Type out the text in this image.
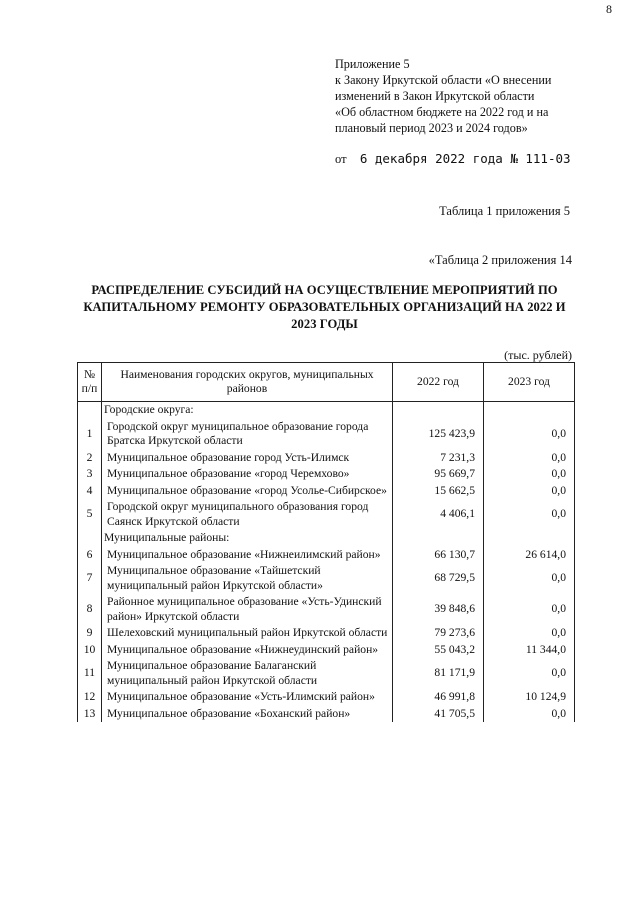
8
Приложение 5
к Закону Иркутской области «О внесении
изменений в Закон Иркутской области
«Об областном бюджете на 2022 год и на
плановый период 2023 и 2024 годов»
от 6 декабря 2022 года № 111-03
Таблица 1 приложения 5
«Таблица 2 приложения 14
РАСПРЕДЕЛЕНИЕ СУБСИДИЙ НА ОСУЩЕСТВЛЕНИЕ МЕРОПРИЯТИЙ ПО КАПИТАЛЬНОМУ РЕМОНТУ ОБРАЗОВАТЕЛЬНЫХ ОРГАНИЗАЦИЙ НА 2022 И 2023 ГОДЫ
(тыс. рублей)
№ п/п	Наименования городских округов, муниципальных районов	2022 год	2023 год
	Городские округа:		
1	Городской округ муниципальное образование города Братска Иркутской области	125 423,9	0,0
2	Муниципальное образование город Усть-Илимск	7 231,3	0,0
3	Муниципальное образование «город Черемхово»	95 669,7	0,0
4	Муниципальное образование «город Усолье-Сибирское»	15 662,5	0,0
5	Городской округ муниципального образования город Саянск Иркутской области	4 406,1	0,0
	Муниципальные районы:		
6	Муниципальное образование «Нижнеилимский район»	66 130,7	26 614,0
7	Муниципальное образование «Тайшетский муниципальный район Иркутской области»	68 729,5	0,0
8	Районное муниципальное образование «Усть-Удинский район» Иркутской области	39 848,6	0,0
9	Шелеховский муниципальный район Иркутской области	79 273,6	0,0
10	Муниципальное образование «Нижнеудинский район»	55 043,2	11 344,0
11	Муниципальное образование Балаганский муниципальный район Иркутской области	81 171,9	0,0
12	Муниципальное образование «Усть-Илимский район»	46 991,8	10 124,9
13	Муниципальное образование «Боханский район»	41 705,5	0,0
